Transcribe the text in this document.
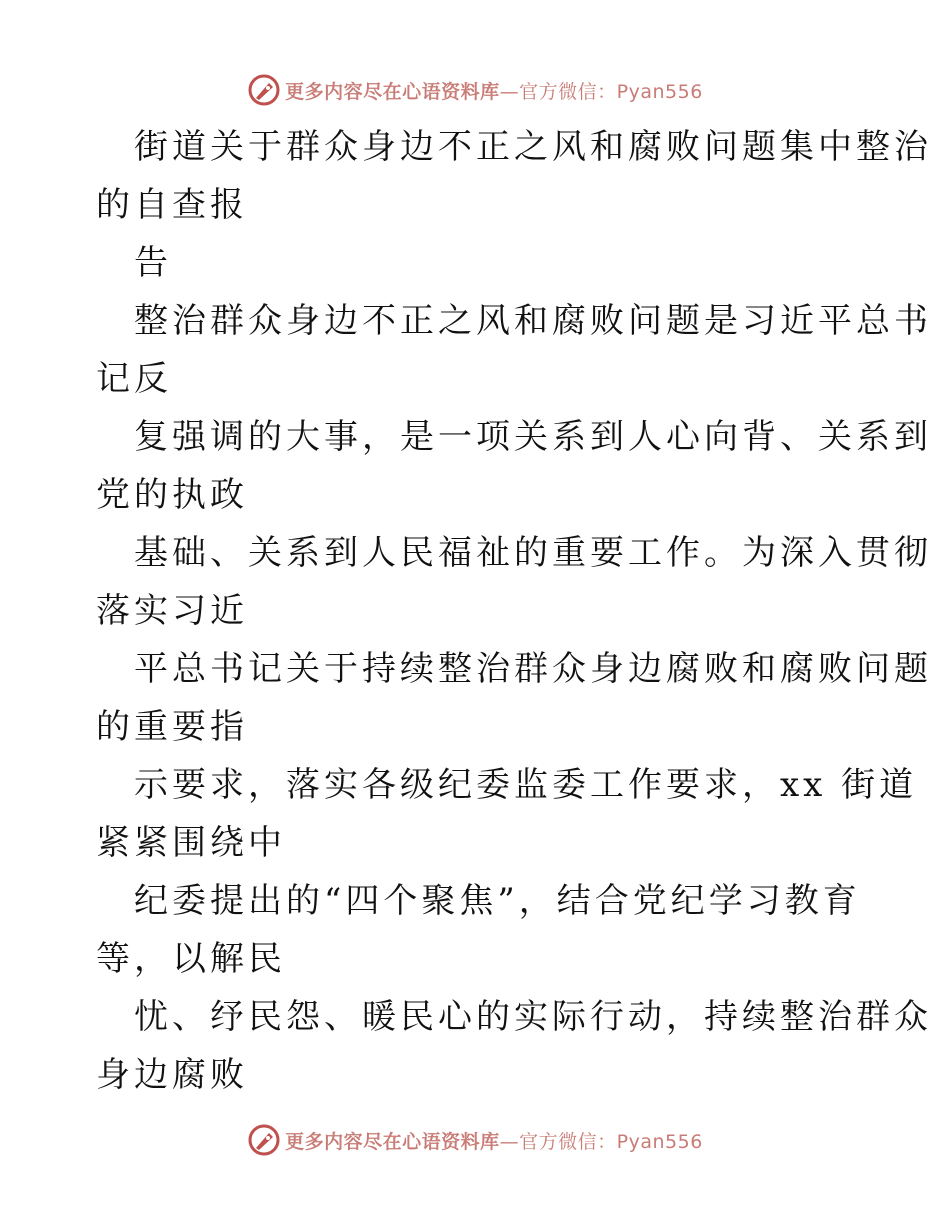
更多内容尽在心语资料库—官方微信：Pyan556
街道关于群众身边不正之风和腐败问题集中整治
的自查报
告
整治群众身边不正之风和腐败问题是习近平总书
记反
复强调的大事，是一项关系到人心向背、关系到
党的执政
基础、关系到人民福祉的重要工作。为深入贯彻
落实习近
平总书记关于持续整治群众身边腐败和腐败问题
的重要指
示要求，落实各级纪委监委工作要求，xx 街道
紧紧围绕中
纪委提出的“四个聚焦”，结合党纪学习教育
等，以解民
忧、纾民怨、暖民心的实际行动，持续整治群众
身边腐败
更多内容尽在心语资料库—官方微信：Pyan556
